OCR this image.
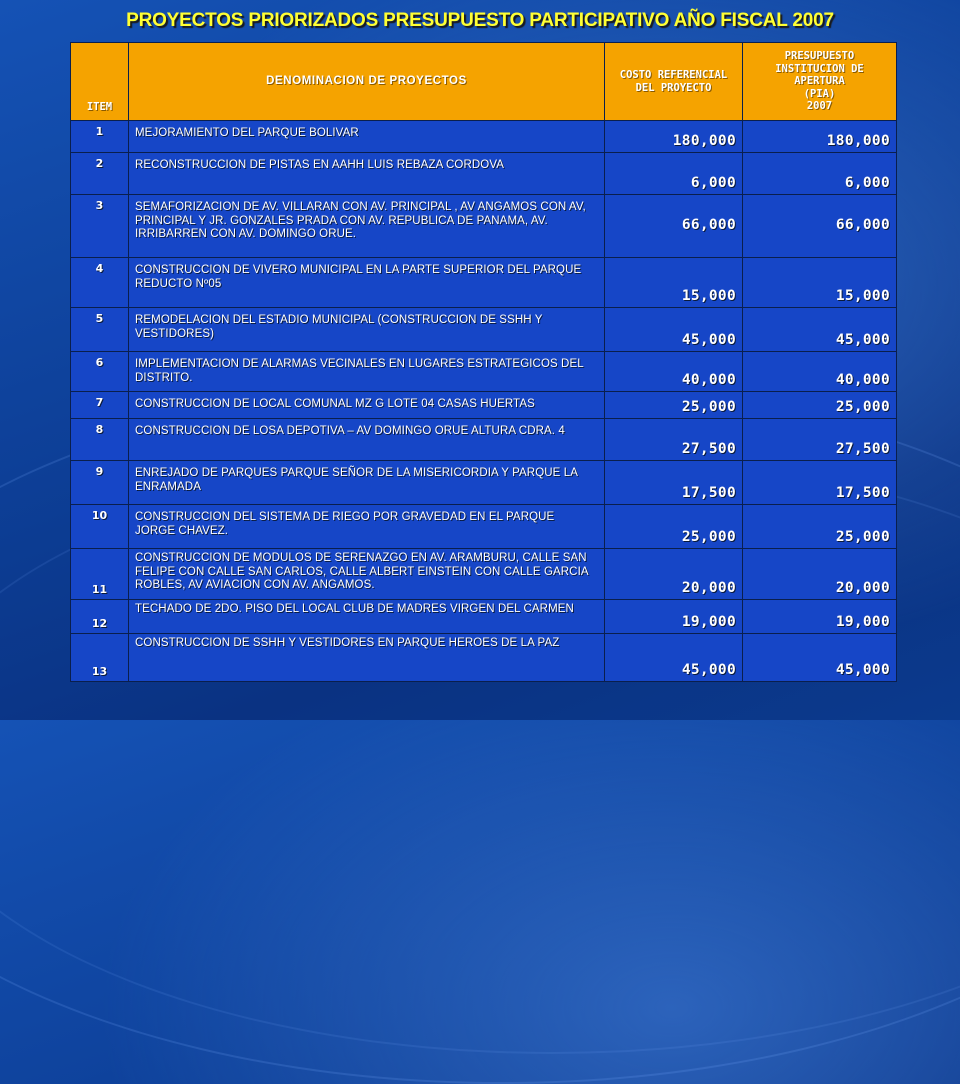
PROYECTOS PRIORIZADOS PRESUPUESTO PARTICIPATIVO AÑO FISCAL 2007
ITEM	DENOMINACION DE PROYECTOS	COSTO REFERENCIAL DEL PROYECTO	PRESUPUESTO INSTITUCION DE APERTURA
(PIA)
2007

1	MEJORAMIENTO DEL PARQUE BOLIVAR	180,000	180,000
2	RECONSTRUCCION DE PISTAS EN AAHH LUIS REBAZA CORDOVA	6,000	6,000
3	SEMAFORIZACION DE AV. VILLARAN CON AV. PRINCIPAL , AV ANGAMOS CON AV, PRINCIPAL Y JR. GONZALES PRADA CON AV. REPUBLICA DE PANAMA, AV. IRRIBARREN CON AV. DOMINGO ORUE.	66,000	66,000
4	CONSTRUCCION DE VIVERO MUNICIPAL EN LA PARTE SUPERIOR DEL PARQUE REDUCTO Nº05	15,000	15,000
5	REMODELACION DEL ESTADIO MUNICIPAL (CONSTRUCCION DE SSHH Y VESTIDORES)	45,000	45,000
6	IMPLEMENTACION DE ALARMAS VECINALES EN LUGARES ESTRATEGICOS DEL DISTRITO.	40,000	40,000
7	CONSTRUCCION DE LOCAL COMUNAL MZ G LOTE 04 CASAS HUERTAS	25,000	25,000
8	CONSTRUCCION DE LOSA DEPOTIVA – AV DOMINGO ORUE ALTURA CDRA. 4	27,500	27,500
9	ENREJADO DE PARQUES PARQUE SEÑOR DE LA MISERICORDIA Y PARQUE LA ENRAMADA	17,500	17,500
10	CONSTRUCCION DEL SISTEMA DE RIEGO POR GRAVEDAD EN EL PARQUE JORGE CHAVEZ.	25,000	25,000
11	CONSTRUCCION DE MODULOS DE SERENAZGO EN AV. ARAMBURU, CALLE SAN FELIPE CON CALLE SAN CARLOS, CALLE ALBERT EINSTEIN CON CALLE GARCIA ROBLES, AV AVIACION CON AV. ANGAMOS.	20,000	20,000
12	TECHADO DE 2DO. PISO DEL LOCAL CLUB DE MADRES VIRGEN DEL CARMEN	19,000	19,000
13	CONSTRUCCION DE SSHH Y VESTIDORES EN PARQUE HEROES DE LA PAZ	45,000	45,000
